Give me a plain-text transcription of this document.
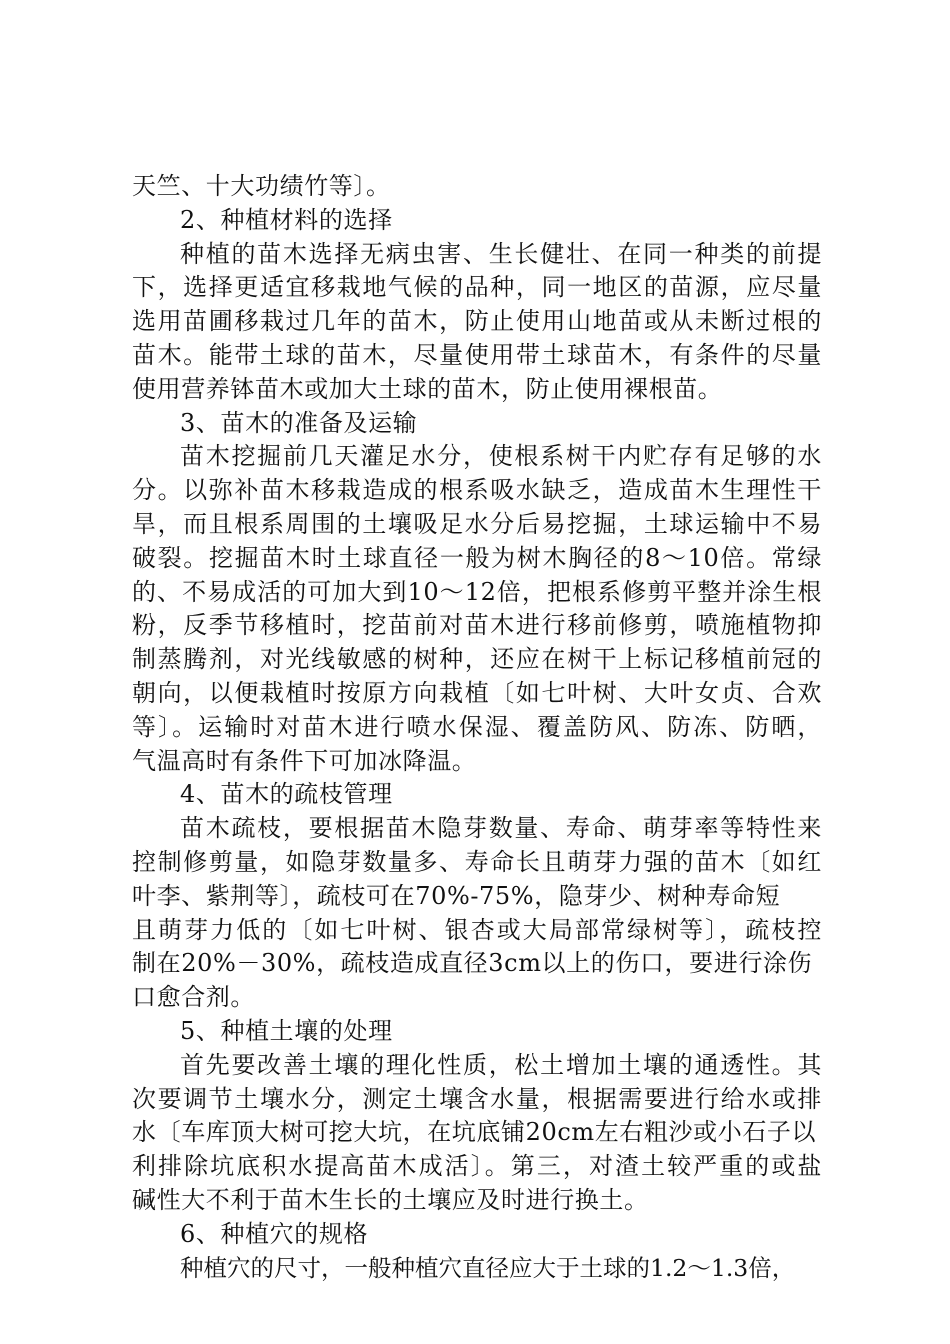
天竺、十大功绩竹等〕。
2、种植材料的选择
种植的苗木选择无病虫害、生长健壮、在同一种类的前提
下，选择更适宜移栽地气候的品种，同一地区的苗源，应尽量
选用苗圃移栽过几年的苗木，防止使用山地苗或从未断过根的
苗木。能带土球的苗木，尽量使用带土球苗木，有条件的尽量
使用营养钵苗木或加大土球的苗木，防止使用裸根苗。
3、苗木的准备及运输
苗木挖掘前几天灌足水分，使根系树干内贮存有足够的水
分。以弥补苗木移栽造成的根系吸水缺乏，造成苗木生理性干
旱，而且根系周围的土壤吸足水分后易挖掘，土球运输中不易
破裂。挖掘苗木时土球直径一般为树木胸径的8～10倍。常绿
的、不易成活的可加大到10～12倍，把根系修剪平整并涂生根
粉，反季节移植时，挖苗前对苗木进行移前修剪，喷施植物抑
制蒸腾剂，对光线敏感的树种，还应在树干上标记移植前冠的
朝向，以便栽植时按原方向栽植〔如七叶树、大叶女贞、合欢
等〕。运输时对苗木进行喷水保湿、覆盖防风、防冻、防晒，
气温高时有条件下可加冰降温。
4、苗木的疏枝管理
苗木疏枝，要根据苗木隐芽数量、寿命、萌芽率等特性来
控制修剪量，如隐芽数量多、寿命长且萌芽力强的苗木〔如红
叶李、紫荆等〕，疏枝可在70%-75%，隐芽少、树种寿命短
且萌芽力低的〔如七叶树、银杏或大局部常绿树等〕，疏枝控
制在20%－30%，疏枝造成直径3cm以上的伤口，要进行涂伤
口愈合剂。
5、种植土壤的处理
首先要改善土壤的理化性质，松土增加土壤的通透性。其
次要调节土壤水分，测定土壤含水量，根据需要进行给水或排
水〔车库顶大树可挖大坑，在坑底铺20cm左右粗沙或小石子以
利排除坑底积水提高苗木成活〕。第三，对渣土较严重的或盐
碱性大不利于苗木生长的土壤应及时进行换土。
6、种植穴的规格
种植穴的尺寸，一般种植穴直径应大于土球的1.2～1.3倍，
